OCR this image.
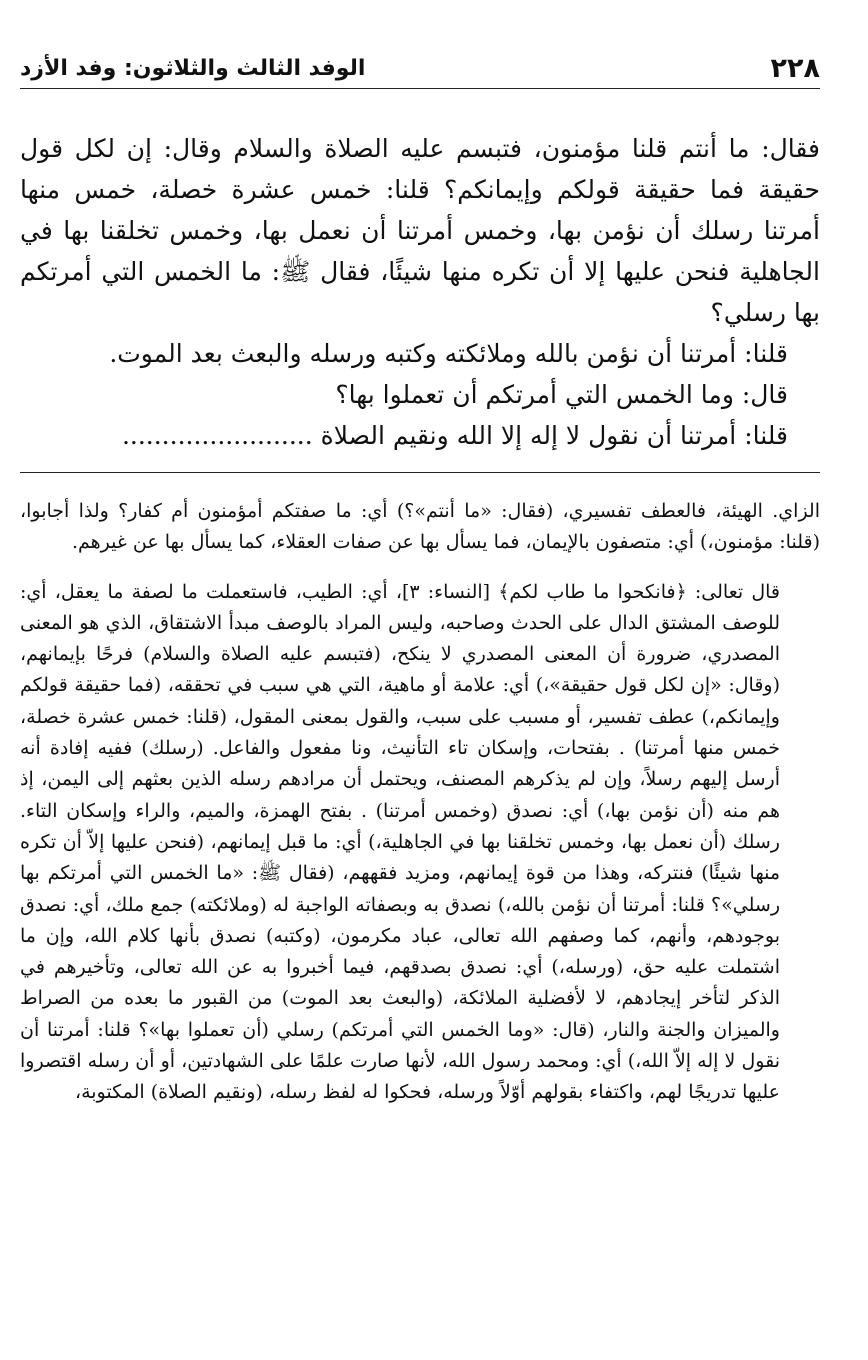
٢٢٨
الوفد الثالث والثلاثون: وفد الأزد

فقال: ما أنتم قلنا مؤمنون، فتبسم عليه الصلاة والسلام وقال: إن لكل قول حقيقة فما حقيقة قولكم وإيمانكم؟ قلنا: خمس عشرة خصلة، خمس منها أمرتنا رسلك أن نؤمن بها، وخمس أمرتنا أن نعمل بها، وخمس تخلقنا بها في الجاهلية فنحن عليها إلا أن تكره منها شيئًا، فقال ﷺ: ما الخمس التي أمرتكم بها رسلي؟

قلنا: أمرتنا أن نؤمن بالله وملائكته وكتبه ورسله والبعث بعد الموت.

قال: وما الخمس التي أمرتكم أن تعملوا بها؟

قلنا: أمرتنا أن نقول لا إله إلا الله ونقيم الصلاة ........................

الزاي. الهيئة، فالعطف تفسيري، (فقال: «ما أنتم»؟) أي: ما صفتكم أمؤمنون أم كفار؟ ولذا أجابوا، (قلنا: مؤمنون،) أي: متصفون بالإيمان، فما يسأل بها عن صفات العقلاء، كما يسأل بها عن غيرهم.

قال تعالى: ﴿فانكحوا ما طاب لكم﴾ [النساء: ٣]، أي: الطيب، فاستعملت ما لصفة ما يعقل، أي: للوصف المشتق الدال على الحدث وصاحبه، وليس المراد بالوصف مبدأ الاشتقاق، الذي هو المعنى المصدري، ضرورة أن المعنى المصدري لا ينكح، (فتبسم عليه الصلاة والسلام) فرحًا بإيمانهم، (وقال: «إن لكل قول حقيقة»،) أي: علامة أو ماهية، التي هي سبب في تحققه، (فما حقيقة قولكم وإيمانكم،) عطف تفسير، أو مسبب على سبب، والقول بمعنى المقول، (قلنا: خمس عشرة خصلة، خمس منها أمرتنا) . بفتحات، وإسكان تاء التأنيث، ونا مفعول والفاعل. (رسلك) ففيه إفادة أنه أرسل إليهم رسلاً، وإن لم يذكرهم المصنف، ويحتمل أن مرادهم رسله الذين بعثهم إلى اليمن، إذ هم منه (أن نؤمن بها،) أي: نصدق (وخمس أمرتنا) . بفتح الهمزة، والميم، والراء وإسكان التاء. رسلك (أن نعمل بها، وخمس تخلقنا بها في الجاهلية،) أي: ما قبل إيمانهم، (فنحن عليها إلاّ أن تكره منها شيئًا) فنتركه، وهذا من قوة إيمانهم، ومزيد فقههم، (فقال ﷺ: «ما الخمس التي أمرتكم بها رسلي»؟ قلنا: أمرتنا أن نؤمن بالله،) نصدق به وبصفاته الواجبة له (وملائكته) جمع ملك، أي: نصدق بوجودهم، وأنهم، كما وصفهم الله تعالى، عباد مكرمون، (وكتبه) نصدق بأنها كلام الله، وإن ما اشتملت عليه حق، (ورسله،) أي: نصدق بصدقهم، فيما أخبروا به عن الله تعالى، وتأخيرهم في الذكر لتأخر إيجادهم، لا لأفضلية الملائكة، (والبعث بعد الموت) من القبور ما بعده من الصراط والميزان والجنة والنار، (قال: «وما الخمس التي أمرتكم) رسلي (أن تعملوا بها»؟ قلنا: أمرتنا أن نقول لا إله إلاّ الله،) أي: ومحمد رسول الله، لأنها صارت علمًا على الشهادتين، أو أن رسله اقتصروا عليها تدريجًا لهم، واكتفاء بقولهم أوّلاً ورسله، فحكوا له لفظ رسله، (ونقيم الصلاة) المكتوبة،
